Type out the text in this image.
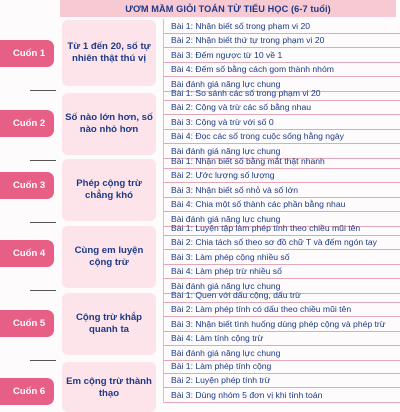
ƯƠM MẦM GIỎI TOÁN TỪ TIỂU HỌC (6-7 tuổi)
Cuốn 1
Từ 1 đến 20, số tự nhiên thật thú vị
Bài 1: Nhận biết số trong phạm vi 20
Bài 2: Nhận biết thứ tự trong phạm vi 20
Bài 3: Đếm ngược từ 10 về 1
Bài 4: Đếm số bằng cách gom thành nhóm
Bài đánh giá năng lực chung
Cuốn 2
Số nào lớn hơn, số nào nhỏ hơn
Bài 1: So sánh các số trong phạm vi 20
Bài 2: Cộng và trừ các số bằng nhau
Bài 3: Cộng và trừ với số 0
Bài 4: Đọc các số trong cuộc sống hằng ngày
Bài đánh giá năng lực chung
Cuốn 3	Phép cộng trừ chẳng khó
Bài 1: Nhận biết số bằng mắt thật nhanh
Bài 2: Ước lượng số lượng
Bài 3: Nhận biết số nhỏ và số lớn
Bài 4: Chia một số thành các phần bằng nhau
Bài đánh giá năng lực chung
Cuốn 4	Cùng em luyện cộng trừ
Bài 1: Luyện tập làm phép tính theo chiều mũi tên
Bài 2: Chia tách số theo sơ đồ chữ T và đếm ngón tay
Bài 3: Làm phép cộng nhiều số
Bài 4: Làm phép trừ nhiều số
Bài đánh giá năng lực chung
Cuốn 5
Cộng trừ khắp quanh ta
Bài 1: Quen với dấu cộng, dấu trừ
Bài 2: Làm phép tính có dấu theo chiều mũi tên
Bài 3: Nhận biết tình huống dùng phép cộng và phép trừ
Bài 4: Làm tính cộng trừ
Bài đánh giá năng lực chung
Cuốn 6
Em cộng trừ thành thạo
Bài 1: Làm phép tính cộng
Bài 2: Luyện phép tính trừ
Bài 3: Dùng nhóm 5 đơn vị khi tính toán
